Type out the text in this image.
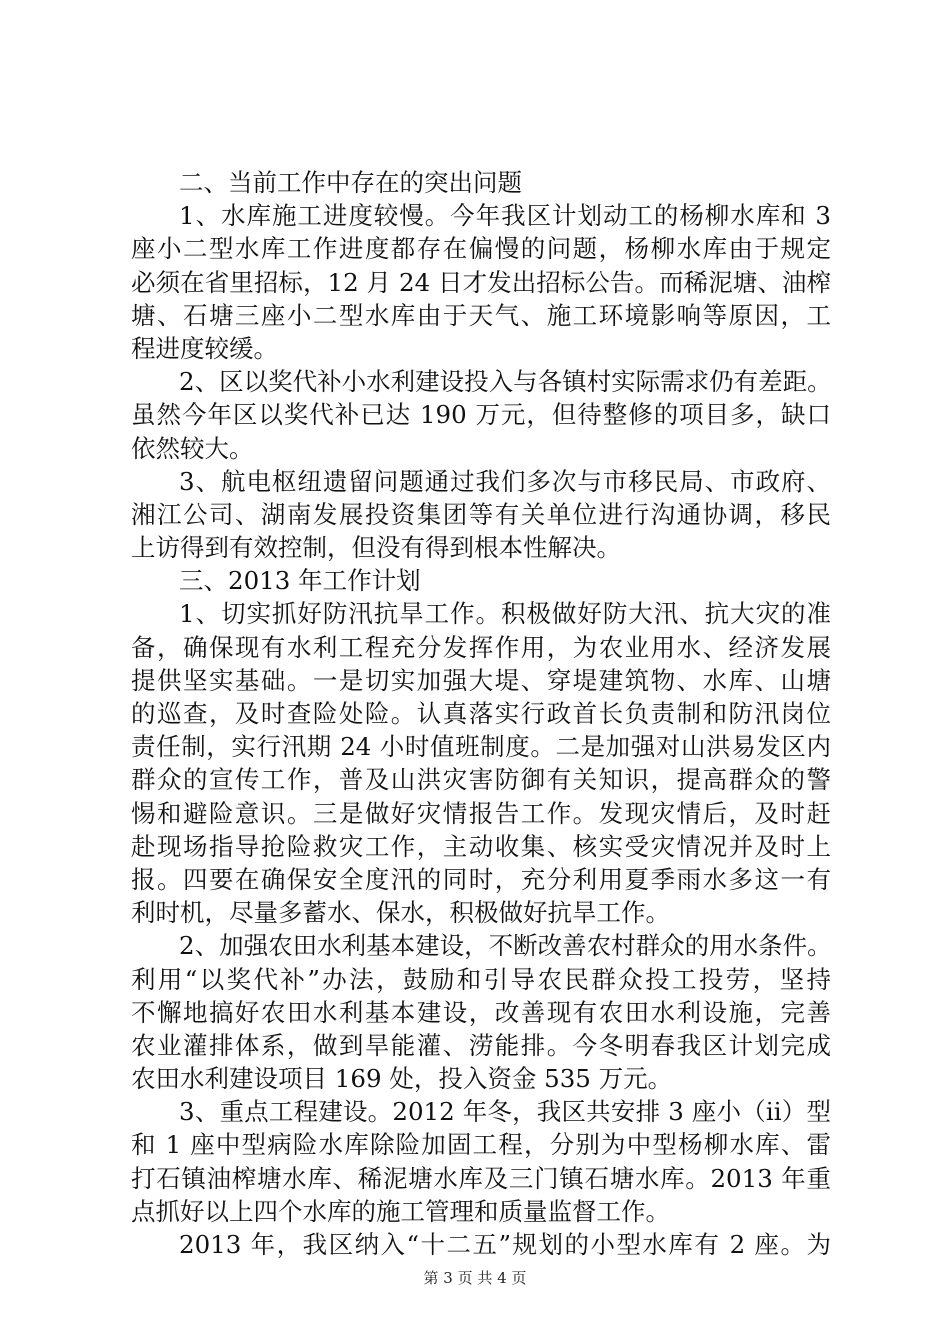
二、当前工作中存在的突出问题
1、水库施工进度较慢。今年我区计划动工的杨柳水库和 3
座小二型水库工作进度都存在偏慢的问题，杨柳水库由于规定
必须在省里招标，12 月 24 日才发出招标公告。而稀泥塘、油榨
塘、石塘三座小二型水库由于天气、施工环境影响等原因，工
程进度较缓。
2、区以奖代补小水利建设投入与各镇村实际需求仍有差距。
虽然今年区以奖代补已达 190 万元，但待整修的项目多，缺口
依然较大。
3、航电枢纽遗留问题通过我们多次与市移民局、市政府、
湘江公司、湖南发展投资集团等有关单位进行沟通协调，移民
上访得到有效控制，但没有得到根本性解决。
三、2013 年工作计划
1、切实抓好防汛抗旱工作。积极做好防大汛、抗大灾的准
备，确保现有水利工程充分发挥作用，为农业用水、经济发展
提供坚实基础。一是切实加强大堤、穿堤建筑物、水库、山塘
的巡查，及时查险处险。认真落实行政首长负责制和防汛岗位
责任制，实行汛期 24 小时值班制度。二是加强对山洪易发区内
群众的宣传工作，普及山洪灾害防御有关知识，提高群众的警
惕和避险意识。三是做好灾情报告工作。发现灾情后，及时赶
赴现场指导抢险救灾工作，主动收集、核实受灾情况并及时上
报。四要在确保安全度汛的同时，充分利用夏季雨水多这一有
利时机，尽量多蓄水、保水，积极做好抗旱工作。
2、加强农田水利基本建设，不断改善农村群众的用水条件。
利用“以奖代补”办法，鼓励和引导农民群众投工投劳，坚持
不懈地搞好农田水利基本建设，改善现有农田水利设施，完善
农业灌排体系，做到旱能灌、涝能排。今冬明春我区计划完成
农田水利建设项目 169 处，投入资金 535 万元。
3、重点工程建设。2012 年冬，我区共安排 3 座小（ii）型
和 1 座中型病险水库除险加固工程，分别为中型杨柳水库、雷
打石镇油榨塘水库、稀泥塘水库及三门镇石塘水库。2013 年重
点抓好以上四个水库的施工管理和质量监督工作。
2013 年，我区纳入“十二五”规划的小型水库有 2 座。为
第 3 页 共 4 页
